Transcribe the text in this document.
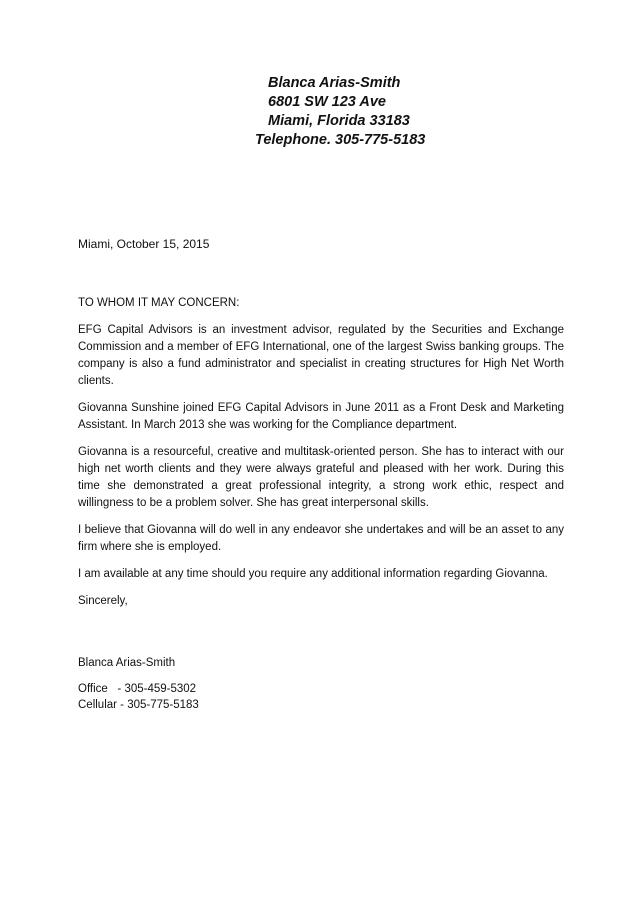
Blanca Arias-Smith
6801 SW 123 Ave
Miami, Florida 33183
Telephone. 305-775-5183
Miami, October 15, 2015

TO WHOM IT MAY CONCERN:

EFG Capital Advisors is an investment advisor, regulated by the Securities and Exchange Commission and a member of EFG International, one of the largest Swiss banking groups. The company is also a fund administrator and specialist in creating structures for High Net Worth clients.

Giovanna Sunshine joined EFG Capital Advisors in June 2011 as a Front Desk and Marketing Assistant. In March 2013 she was working for the Compliance department.

Giovanna is a resourceful, creative and multitask-oriented person. She has to interact with our high net worth clients and they were always grateful and pleased with her work. During this time she demonstrated a great professional integrity, a strong work ethic, respect and willingness to be a problem solver. She has great interpersonal skills.

I believe that Giovanna will do well in any endeavor she undertakes and will be an asset to any firm where she is employed.

I am available at any time should you require any additional information regarding Giovanna.

Sincerely,

Blanca Arias-Smith
Office   - 305-459-5302
Cellular - 305-775-5183
